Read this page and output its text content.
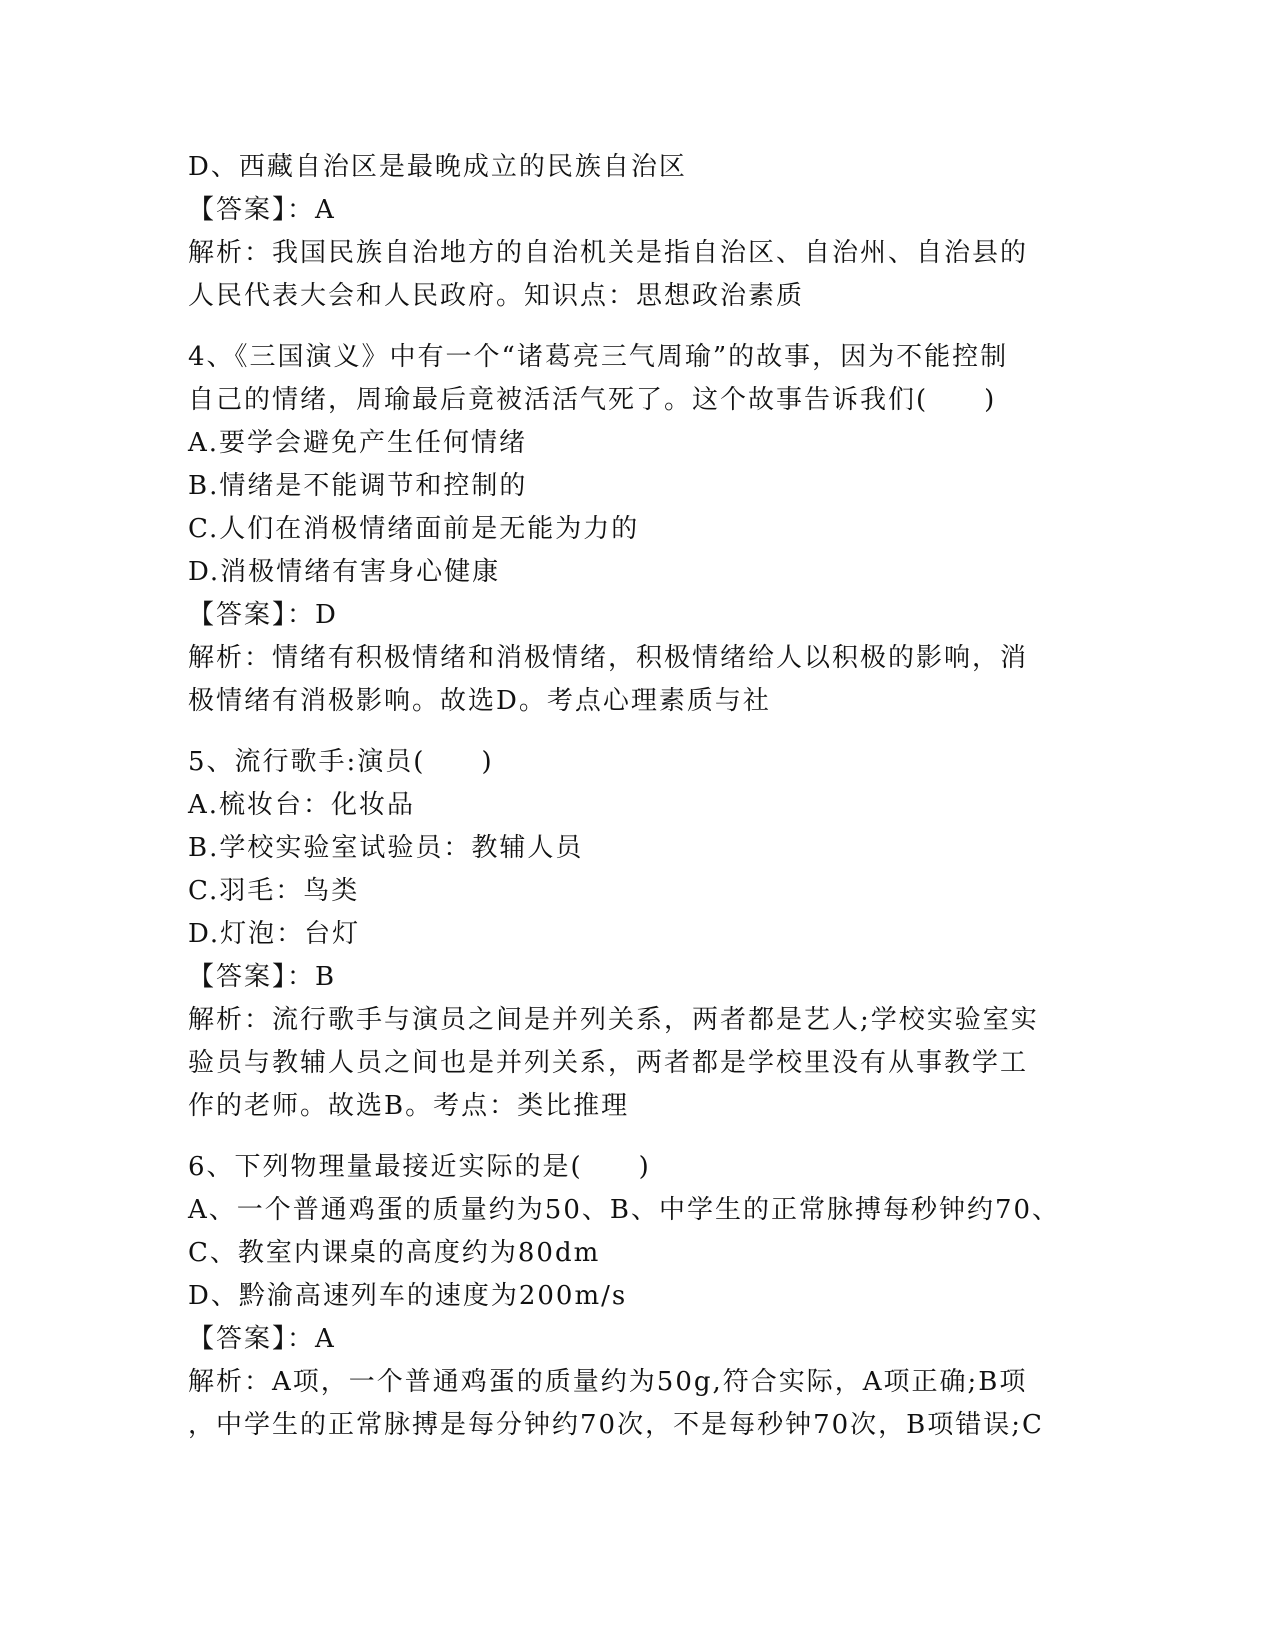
D、西藏自治区是最晚成立的民族自治区
【答案】：A
解析：我国民族自治地方的自治机关是指自治区、自治州、自治县的
人民代表大会和人民政府。知识点：思想政治素质
4、《三国演义》中有一个“诸葛亮三气周瑜”的故事，因为不能控制
自己的情绪，周瑜最后竟被活活气死了。这个故事告诉我们(　　)
A.要学会避免产生任何情绪
B.情绪是不能调节和控制的
C.人们在消极情绪面前是无能为力的
D.消极情绪有害身心健康
【答案】：D
解析：情绪有积极情绪和消极情绪，积极情绪给人以积极的影响，消
极情绪有消极影响。故选D。考点心理素质与社
5、流行歌手:演员(　　)
A.梳妆台：化妆品
B.学校实验室试验员：教辅人员
C.羽毛：鸟类
D.灯泡：台灯
【答案】：B
解析：流行歌手与演员之间是并列关系，两者都是艺人;学校实验室实
验员与教辅人员之间也是并列关系，两者都是学校里没有从事教学工
作的老师。故选B。考点：类比推理
6、下列物理量最接近实际的是(　　)
A、一个普通鸡蛋的质量约为50、B、中学生的正常脉搏每秒钟约70、
C、教室内课桌的高度约为80dm
D、黔渝高速列车的速度为200m/s
【答案】：A
解析：A项，一个普通鸡蛋的质量约为50g,符合实际，A项正确;B项
，中学生的正常脉搏是每分钟约70次，不是每秒钟70次，B项错误;C
